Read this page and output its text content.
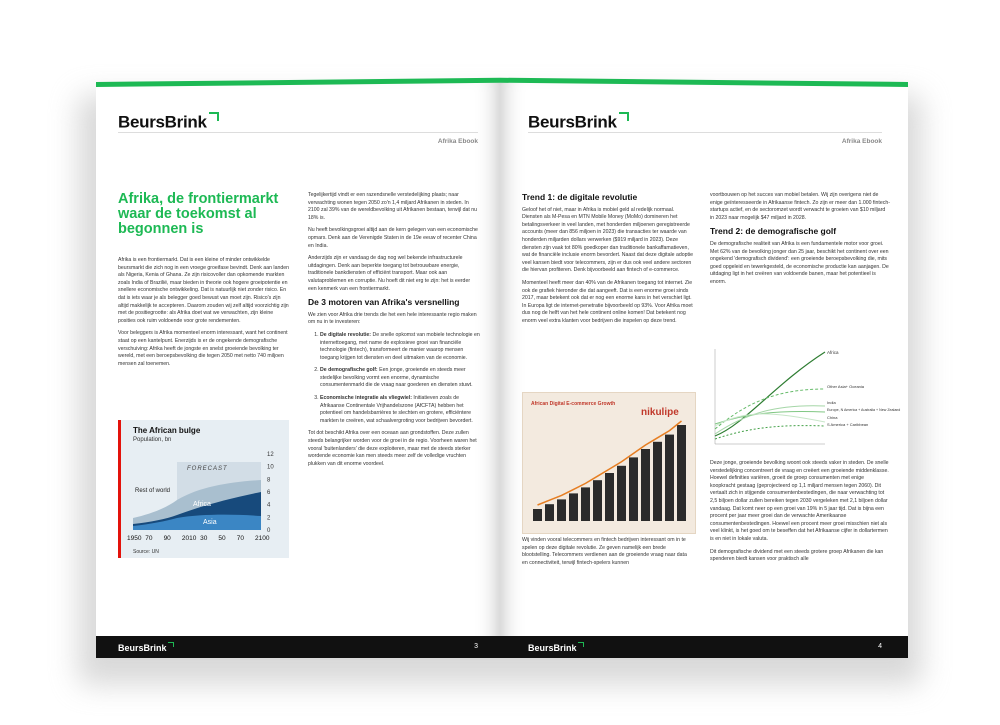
BeursBrink
Afrika Ebook
Afrika, de frontiermarkt waar de toekomst al begonnen is

Afrika is een frontiermarkt. Dat is een kleine of minder ontwikkelde beursmarkt die zich nog in een vroege groeifase bevindt. Denk aan landen als Nigeria, Kenia of Ghana. Ze zijn risicovoller dan opkomende markten zoals India of Brazilië, maar bieden in theorie ook hogere groeipotentie en snellere economische ontwikkeling. Dat is natuurlijk niet zonder risico. En dat is iets waar je als belegger goed bewust van moet zijn. Risico's zijn altijd makkelijk te accepteren. Daarom zouden wij zelf altijd voorzichtig zijn met de positiegrootte: als Afrika doet wat we verwachten, zijn kleine posities ook ruim voldoende voor grote rendementen.

Voor beleggers is Afrika momenteel enorm interessant, want het continent staat op een kantelpunt. Enerzijds is er de ongekende demografische verschuiving: Afrika heeft de jongste en snelst groeiende bevolking ter wereld, met een beroepsbevolking die tegen 2050 met netto 740 miljoen mensen zal toenemen.

The African bulge
Population, bn
FORECAST
Rest of world
Africa
Asia
12
10
8
6
4
2
0
1950 70 90 2010 30 50 70 2100
Source: UN

Tegelijkertijd vindt er een razendsnelle verstedelijking plaats; naar verwachting wonen tegen 2050 zo'n 1,4 miljard Afrikanen in steden. In 2100 zal 39% van de wereldbevolking uit Afrikanen bestaan, terwijl dat nu 18% is.

Nu heeft bevolkingsgroei altijd aan de kern gelegen van een economische opmars. Denk aan de Verenigde Staten in de 19e eeuw of recenter China en India.

Anderzijds zijn er vandaag de dag nog wel bekende infrastructurele uitdagingen. Denk aan beperkte toegang tot betrouwbare energie, traditionele bankdiensten of efficiënt transport. Maar ook aan valutaproblemen en corruptie. Nu hoeft dit niet erg te zijn: het is eerder een kenmerk van een frontiermarkt.

De 3 motoren van Afrika's versnelling

We zien voor Afrika drie trends die het een hele interessante regio maken om nu in te investeren:

1. De digitale revolutie: De snelle opkomst van mobiele technologie en internettoegang, met name de explosieve groei van financiële technologie (fintech), transformeert de manier waarop mensen toegang krijgen tot diensten en deel uitmaken van de economie.
2. De demografische golf: Een jonge, groeiende en steeds meer stedelijke bevolking vormt een enorme, dynamische consumentenmarkt die de vraag naar goederen en diensten stuwt.
3. Economische integratie als vliegwiel: Initiatieven zoals de Afrikaanse Continentale Vrijhandelszone (AfCFTA) hebben het potentieel om handelsbarrières te slechten en grotere, efficiëntere markten te creëren, wat schaalvergroting voor bedrijven bevordert.

Tot dot beschikt Afrika over een oceaan aan grondstoffen. Deze zullen steeds belangrijker worden voor de groei in de regio. Voorheen waren het vooral 'buitenlanders' die deze exploiteren, maar met de steeds sterker wordende economie kan men steeds meer zelf de volledige vruchten plukken van dit enorme voordeel.

BeursBrink	3
BeursBrink
Afrika Ebook
Trend 1: de digitale revolutie

Geloof het of niet, maar in Afrika is mobiel geld al redelijk normaal. Diensten als M-Pesa en MTN Mobile Money (MoMo) domineren het betalingsverkeer in veel landen, met honderden miljoenen geregistreerde accounts (meer dan 856 miljoen in 2023) die transacties ter waarde van honderden miljarden dollars verwerken ($919 miljard in 2023). Deze diensten zijn vaak tot 80% goedkoper dan traditionele bankaffamatieven, wat de financiële inclusie enorm bevordert. Naast dat deze digitale adoptie veel kansen biedt voor telecommers, zijn er dus ook veel andere sectoren die hiervan profiteren. Denk bijvoorbeeld aan fintech of e-commerce.

Momenteel heeft meer dan 40% van de Afrikanen toegang tot internet. Zie ook de grafiek hieronder die dat aangeeft. Dat is een enorme groei sinds 2017, maar betekent ook dat er nog een enorme kans in het verschiet ligt. In Europa ligt de internet-penetratie bijvoorbeeld op 93%. Voor Afrika moet dus nog de helft van het hele continent online komen! Dat betekent nog enorm veel extra klanten voor bedrijven die inspelen op deze trend.

African Digital E-commerce Growth
nikulipe

Wij vinden vooral telecommers en fintech bedrijven interessant om in te spelen op deze digitale revolutie. Ze geven namelijk een brede blootstelling. Telecommers verdienen aan de groeiende vraag naar data en connectiviteit, terwijl fintech-spelers kunnen

voortbouwen op het succes van mobiel betalen. Wij zijn overigens niet de enige geïnteresseerde in Afrikaanse fintech. Zo zijn er meer dan 1.000 fintech-startups actief, en de sectoromzet wordt verwacht te groeien van $10 miljard in 2023 naar mogelijk $47 miljard in 2028.

Trend 2: de demografische golf

De demografische realiteit van Afrika is een fundamentele motor voor groei. Met 62% van de bevolking jonger dan 25 jaar, beschikt het continent over een ongekend 'demografisch dividend': een groeiende beroepsbevolking die, mits goed opgeleid en tewerkgesteld, de economische productie kan aanjagen. De uitdaging ligt in het creëren van voldoende banen, maar het potentieel is enorm.

Africa
Other Asia+ Oceania
India
Europe, N America + Australia + New Zealand
China
S America + Caribbean

Deze jonge, groeiende bevolking woont ook steeds vaker in steden. De snelle verstedelijking concentreert de vraag en creëert een groeiende middenklasse. Hoewel definities variëren, groeit de groep consumenten met enige koopkracht gestaag (geprojecteerd op 1,1 miljard mensen tegen 2060). Dit vertaalt zich in stijgende consumentenbestedingen, die naar verwachting tot 2,5 biljoen dollar zullen bereiken tegen 2030 vergeleken met 2,1 biljoen dollar vandaag. Dat komt neer op een groei van 19% in 5 jaar tijd. Dat is bijna een procent per jaar meer groei dan de verwachte Amerikaanse consumentenbestedingen. Hoewel een procent meer groei misschien niet als veel klinkt, is het goed om te beseffen dat het Afrikaanse cijfer in dollartermen is en niet in lokale valuta.

Dit demografische dividend met een steeds grotere groep Afrikanen die kan spenderen biedt kansen voor praktisch alle

BeursBrink	4
